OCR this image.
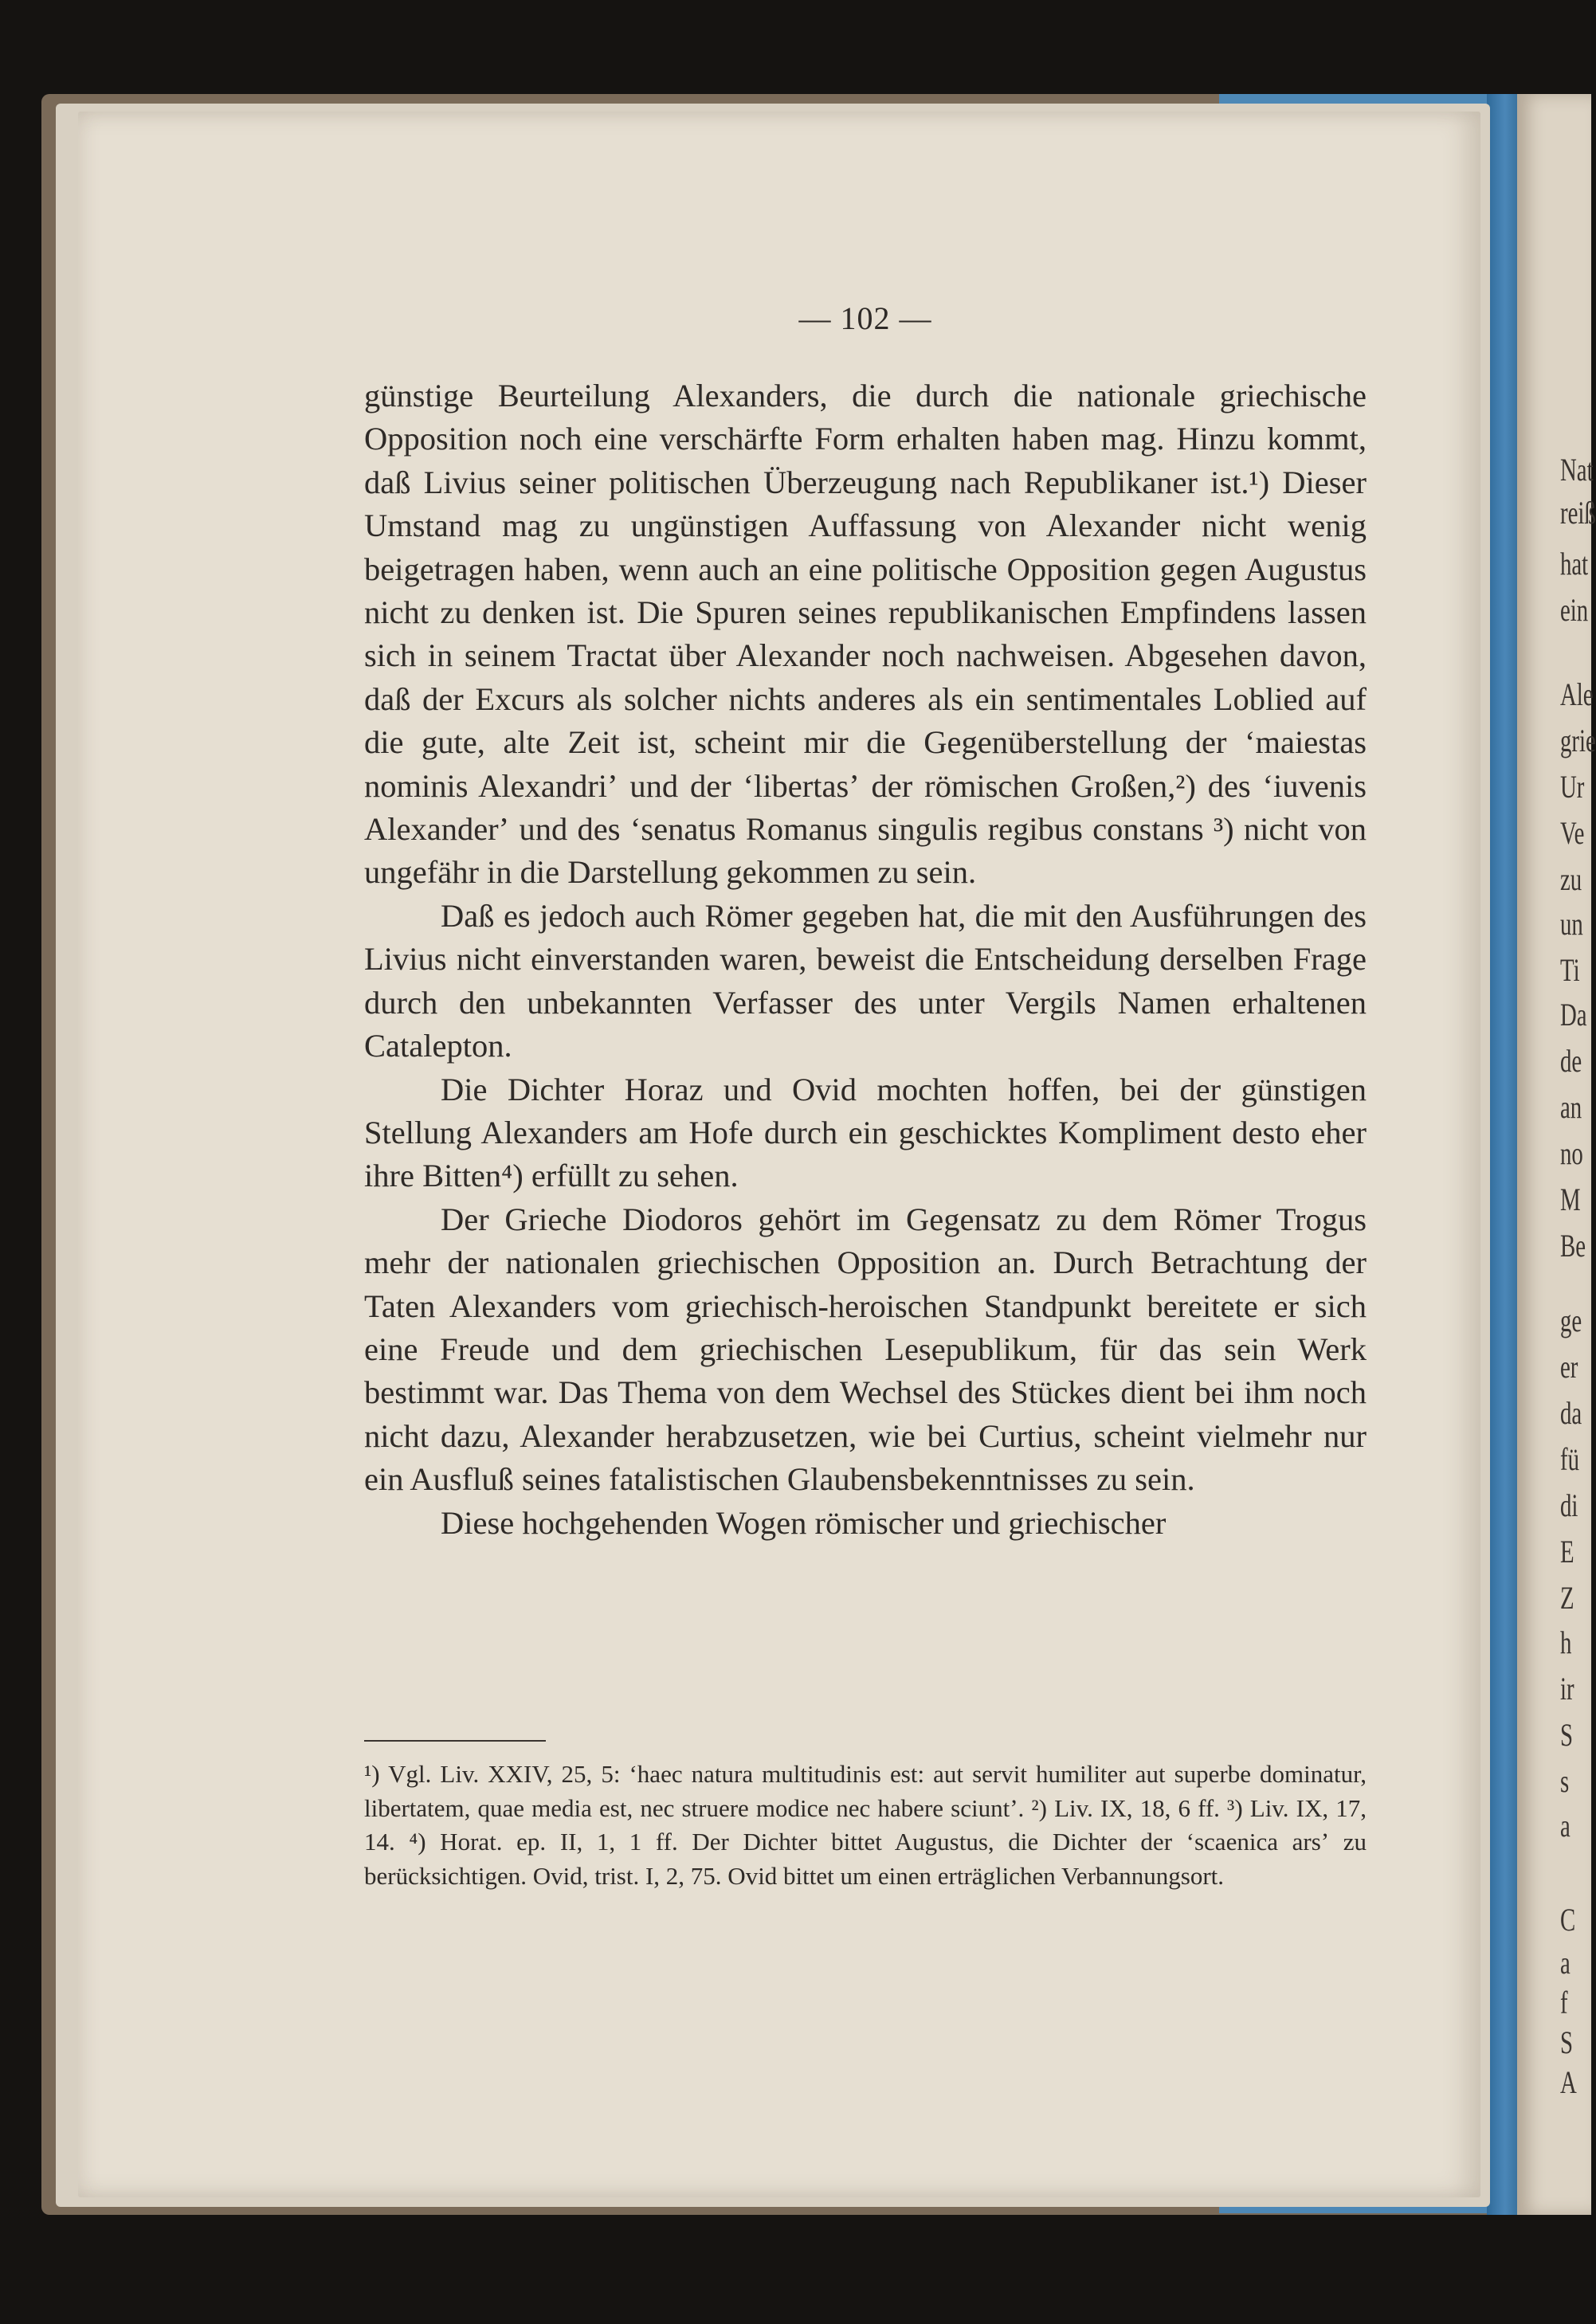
Nat
reiß
hat
ein
Ale
grie
Ur
Ve
zu
un
Ti
Da
de
an
no
M
Be
ge
er
da
fü
di
E
Z
h
ir
S
s
a
C
a
f
S
A
— 102 —

günstige Beurteilung Alexanders, die durch die nationale griechische Opposition noch eine verschärfte Form erhalten haben mag. Hinzu kommt, daß Livius seiner politischen Überzeugung nach Republikaner ist.¹) Dieser Umstand mag zu ungünstigen Auffassung von Alexander nicht wenig beigetragen haben, wenn auch an eine politische Opposition gegen Augustus nicht zu denken ist. Die Spuren seines republikanischen Empfindens lassen sich in seinem Tractat über Alexander noch nachweisen. Abgesehen davon, daß der Excurs als solcher nichts anderes als ein sentimentales Loblied auf die gute, alte Zeit ist, scheint mir die Gegenüberstellung der ʻmaiestas nominis Alexandriʼ und der ʻlibertasʼ der römischen Großen,²) des ʻiuvenis Alexanderʼ und des ʻsenatus Romanus singulis regibus constans ³) nicht von ungefähr in die Darstellung gekommen zu sein.

Daß es jedoch auch Römer gegeben hat, die mit den Ausführungen des Livius nicht einverstanden waren, beweist die Entscheidung derselben Frage durch den unbekannten Verfasser des unter Vergils Namen erhaltenen Catalepton.

Die Dichter Horaz und Ovid mochten hoffen, bei der günstigen Stellung Alexanders am Hofe durch ein geschicktes Kompliment desto eher ihre Bitten⁴) erfüllt zu sehen.

Der Grieche Diodoros gehört im Gegensatz zu dem Römer Trogus mehr der nationalen griechischen Opposition an. Durch Betrachtung der Taten Alexanders vom griechisch-heroischen Standpunkt bereitete er sich eine Freude und dem griechischen Lesepublikum, für das sein Werk bestimmt war. Das Thema von dem Wechsel des Stückes dient bei ihm noch nicht dazu, Alexander herabzusetzen, wie bei Curtius, scheint vielmehr nur ein Ausfluß seines fatalistischen Glaubensbekenntnisses zu sein.

Diese hochgehenden Wogen römischer und griechischer

¹) Vgl. Liv. XXIV, 25, 5: ʻhaec natura multitudinis est: aut servit humiliter aut superbe dominatur, libertatem, quae media est, nec struere modice nec habere sciuntʼ. ²) Liv. IX, 18, 6 ff. ³) Liv. IX, 17, 14. ⁴) Horat. ep. II, 1, 1 ff. Der Dichter bittet Augustus, die Dichter der ʻscaenica arsʼ zu berücksichtigen. Ovid, trist. I, 2, 75. Ovid bittet um einen erträglichen Verbannungsort.
